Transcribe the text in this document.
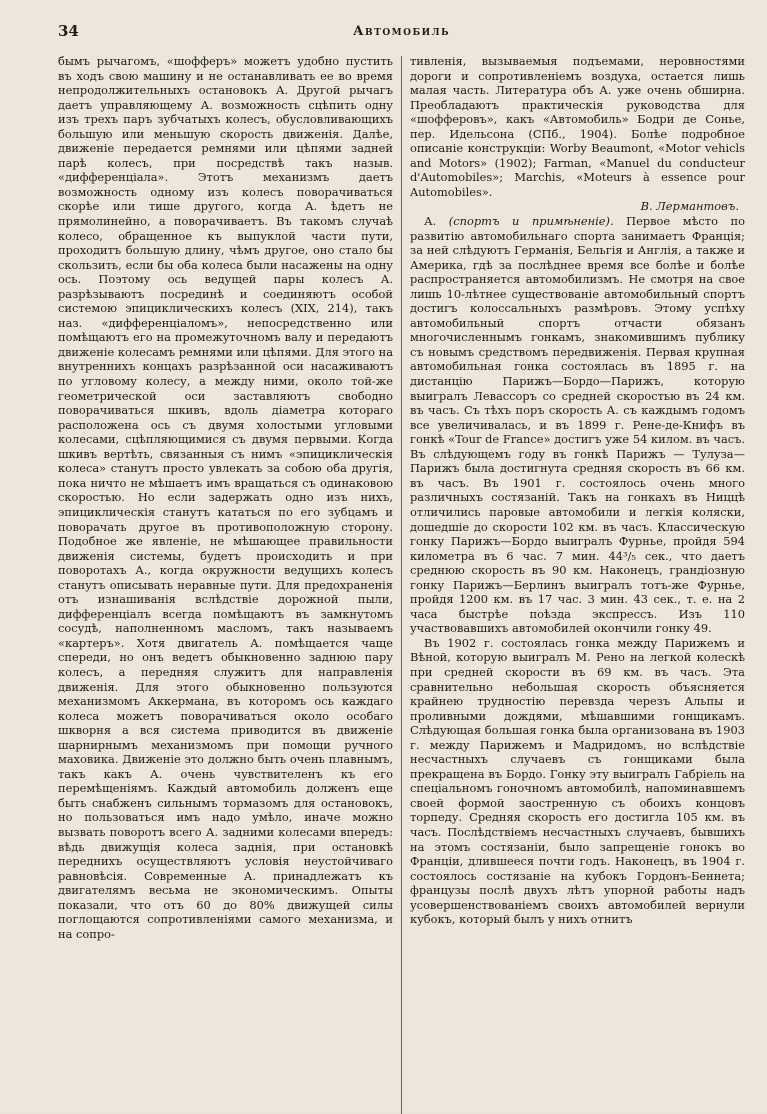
34	Автомобиль

бымъ рычагомъ, «шофферъ» можетъ удобно пустить въ ходъ свою машину и не останавливать ее во время непродолжительныхъ остановокъ А. Другой рычагъ даетъ управляющему А. возможность сцѣпить одну изъ трехъ паръ зубчатыхъ колесъ, обусловливающихъ большую или меньшую скорость движенія. Далѣе, движеніе передается ремнями или цѣпями задней парѣ колесъ, при посредствѣ такъ назыв. «дифференціала». Этотъ механизмъ даетъ возможность одному изъ колесъ поворачиваться скорѣе или тише другого, когда А. ѣдетъ не прямолинейно, а поворачиваетъ. Въ такомъ случаѣ колесо, обращенное къ выпуклой части пути, проходитъ большую длину, чѣмъ другое, оно стало бы скользить, если бы оба колеса были насажены на одну ось. Поэтому ось ведущей пары колесъ А. разрѣзываютъ посрединѣ и соединяютъ особой системою эпициклическихъ колесъ (XIX, 214), такъ наз. «дифференціаломъ», непосредственно или помѣщаютъ его на промежуточномъ валу и передаютъ движеніе колесамъ ремнями или цѣпями. Для этого на внутреннихъ концахъ разрѣзанной оси насаживаютъ по угловому колесу, а между ними, около той-же геометрической оси заставляютъ свободно поворачиваться шкивъ, вдоль діаметра котораго расположена ось съ двумя холостыми угловыми колесами, сцѣпляющимися съ двумя первыми. Когда шкивъ вертѣть, связанныя съ нимъ «эпициклическія колеса» станутъ просто увлекать за собою оба другія, пока ничто не мѣшаетъ имъ вращаться съ одинаковою скоростью. Но если задержать одно изъ нихъ, эпициклическія станутъ кататься по его зубцамъ и поворачать другое въ противоположную сторону. Подобное же явленіе, не мѣшающее правильности движенія системы, будетъ происходить и при поворотахъ А., когда окружности ведущихъ колесъ станутъ описывать неравные пути. Для предохраненія отъ изнашиванія вслѣдствіе дорожной пыли, дифференціалъ всегда помѣщаютъ въ замкнутомъ сосудѣ, наполненномъ масломъ, такъ называемъ «картеръ». Хотя двигатель А. помѣщается чаще спереди, но онъ ведетъ обыкновенно заднюю пару колесъ, а передняя служитъ для направленія движенія. Для этого обыкновенно пользуются механизмомъ Аккермана, въ которомъ ось каждаго колеса можетъ поворачиваться около особаго шкворня а вся система приводится въ движеніе шарнирнымъ механизмомъ при помощи ручного маховика. Движеніе это должно быть очень плавнымъ, такъ какъ А. очень чувствителенъ къ его перемѣщеніямъ. Каждый автомобиль долженъ еще быть снабженъ сильнымъ тормазомъ для остановокъ, но пользоваться имъ надо умѣло, иначе можно вызвать поворотъ всего А. задними колесами впередъ: вѣдь движущія колеса заднія, при остановкѣ переднихъ осуществляютъ условія неустойчиваго равновѣсія. Современные А. принадлежатъ къ двигателямъ весьма не экономическимъ. Опыты показали, что отъ 60 до 80% движущей силы поглощаются сопротивленіями самого механизма, и на сопро-

тивленія, вызываемыя подъемами, неровностями дороги и сопротивленіемъ воздуха, остается лишь малая часть. Литература объ А. уже очень обширна. Преобладаютъ практическія руководства для «шофферовъ», какъ «Автомобиль» Бодри де Сонье, пер. Идельсона (СПб., 1904). Болѣе подробное описаніе конструкціи: Worby Beaumont, «Motor vehicls and Motors» (1902); Farman, «Manuel du conducteur d'Automobiles»; Marchis, «Moteurs à essence pour Automobiles».

В. Лермантовъ.

А. (спортъ и примѣненіе). Первое мѣсто по развитію автомобильнаго спорта занимаетъ Франція; за ней слѣдуютъ Германія, Бельгія и Англія, а также и Америка, гдѣ за послѣднее время все болѣе и болѣе распространяется автомобилизмъ. Не смотря на свое лишь 10-лѣтнее существованіе автомобильный спортъ достигъ колоссальныхъ размѣровъ. Этому успѣху автомобильный спортъ отчасти обязанъ многочисленнымъ гонкамъ, знакомившимъ публику съ новымъ средствомъ передвиженія. Первая крупная автомобильная гонка состоялась въ 1895 г. на дистанцію Парижъ—Бордо—Парижъ, которую выигралъ Левассоръ со средней скоростью въ 24 км. въ часъ. Съ тѣхъ поръ скорость А. съ каждымъ годомъ все увеличивалась, и въ 1899 г. Рене-де-Книфъ въ гонкѣ «Tour de France» достигъ уже 54 килом. въ часъ. Въ слѣдующемъ году въ гонкѣ Парижъ — Тулуза—Парижъ была достигнута средняя скорость въ 66 км. въ часъ. Въ 1901 г. состоялось очень много различныхъ состязаній. Такъ на гонкахъ въ Ниццѣ отличились паровые автомобили и легкія коляски, дошедшіе до скорости 102 км. въ часъ. Классическую гонку Парижъ—Бордо выигралъ Фурнье, пройдя 594 километра въ 6 час. 7 мин. 44³/₅ сек., что даетъ среднюю скорость въ 90 км. Наконецъ, грандіозную гонку Парижъ—Берлинъ выигралъ тотъ-же Фурнье, пройдя 1200 км. въ 17 час. 3 мин. 43 сек., т. е. на 2 часа быстрѣе поѣзда экспрессъ. Изъ 110 участвовавшихъ автомобилей окончили гонку 49.

Въ 1902 г. состоялась гонка между Парижемъ и Вѣной, которую выигралъ М. Рено на легкой колескѣ при средней скорости въ 69 км. въ часъ. Эта сравнительно небольшая скорость объясняется крайнею трудностію перевзда черезъ Альпы и проливными дождями, мѣшавшими гонщикамъ. Слѣдующая большая гонка была организована въ 1903 г. между Парижемъ и Мадридомъ, но вслѣдствіе несчастныхъ случаевъ съ гонщиками была прекращена въ Бордо. Гонку эту выигралъ Габріель на спеціальномъ гоночномъ автомобилѣ, напоминавшемъ своей формой заостренную съ обоихъ концовъ торпеду. Средняя скорость его достигла 105 км. въ часъ. Послѣдствіемъ несчастныхъ случаевъ, бывшихъ на этомъ состязаніи, было запрещеніе гонокъ во Франціи, длившееся почти годъ. Наконецъ, въ 1904 г. состоялось состязаніе на кубокъ Гордонъ-Беннета; французы послѣ двухъ лѣтъ упорной работы надъ усовершенствованіемъ своихъ автомобилей вернули кубокъ, который былъ у нихъ отнитъ
